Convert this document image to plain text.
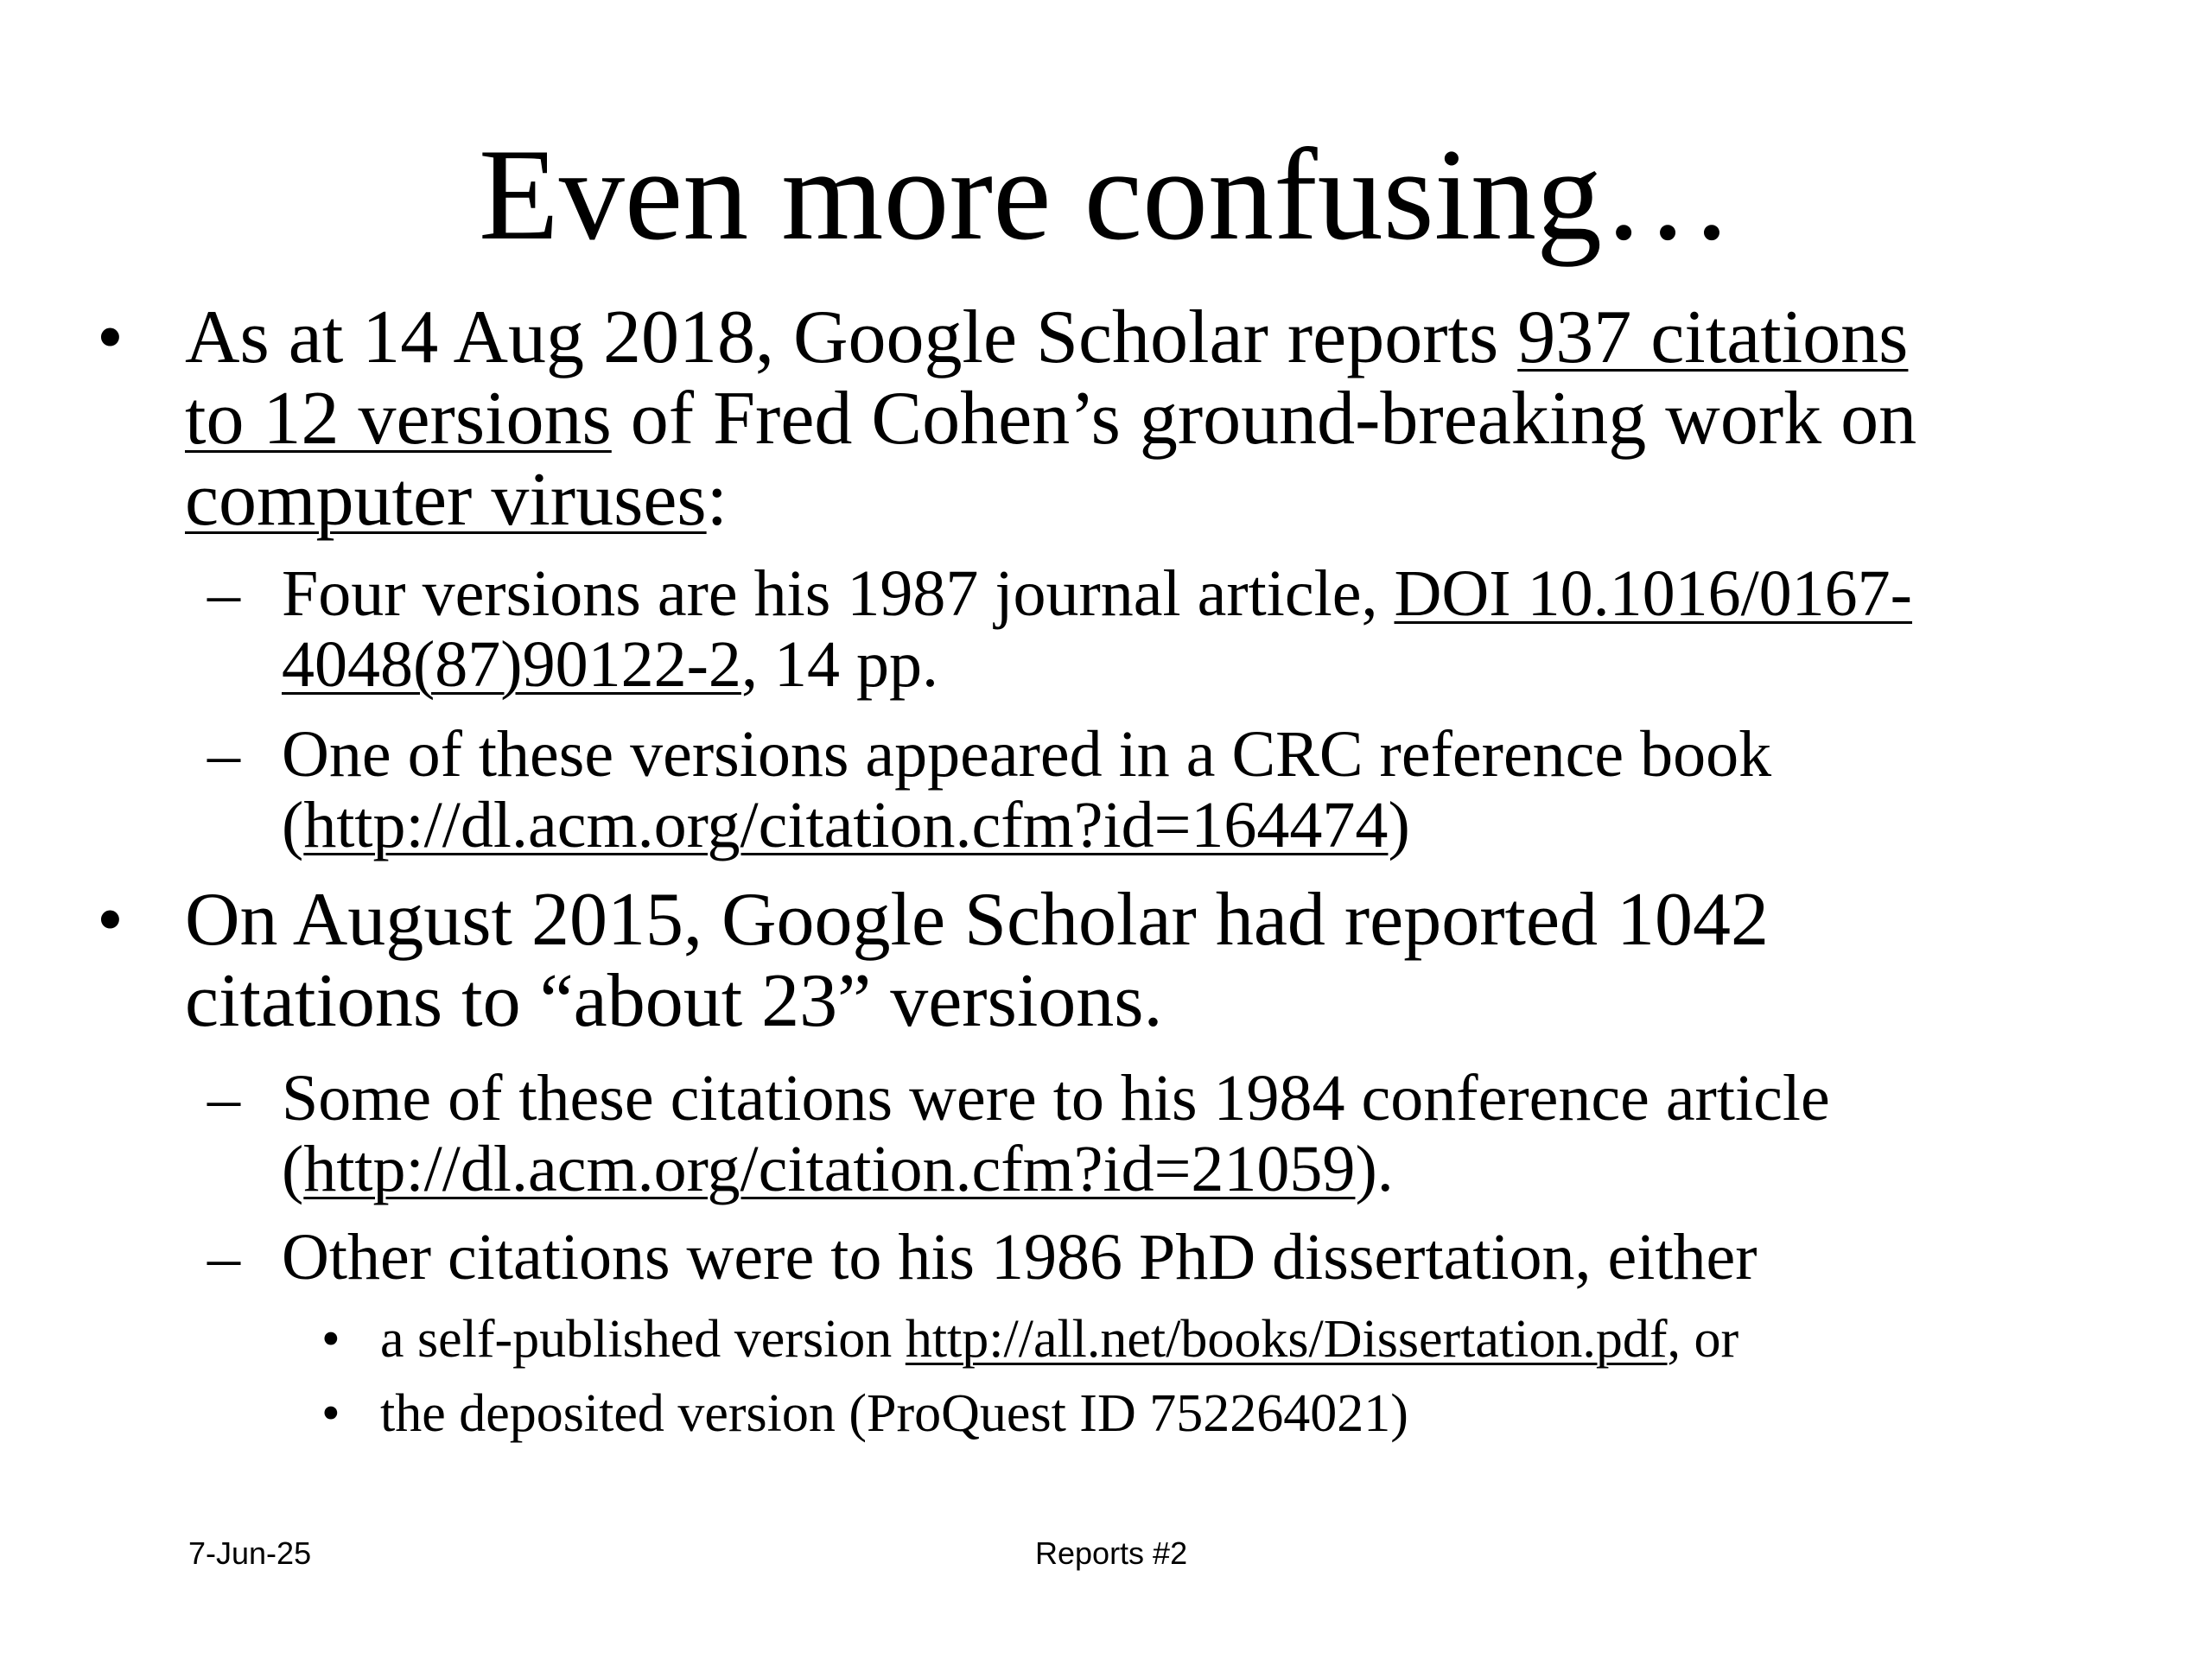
Even more confusing…
• As at 14 Aug 2018, Google Scholar reports 937 citations
to 12 versions of Fred Cohen’s ground-breaking work on
computer viruses:
– Four versions are his 1987 journal article, DOI 10.1016/0167-
4048(87)90122-2, 14 pp.
– One of these versions appeared in a CRC reference book
(http://dl.acm.org/citation.cfm?id=164474)
• On August 2015, Google Scholar had reported 1042
citations to “about 23” versions.
– Some of these citations were to his 1984 conference article
(http://dl.acm.org/citation.cfm?id=21059).
– Other citations were to his 1986 PhD dissertation, either
• a self-published version http://all.net/books/Dissertation.pdf, or
• the deposited version (ProQuest ID 752264021)
7-Jun-25	Reports #2
